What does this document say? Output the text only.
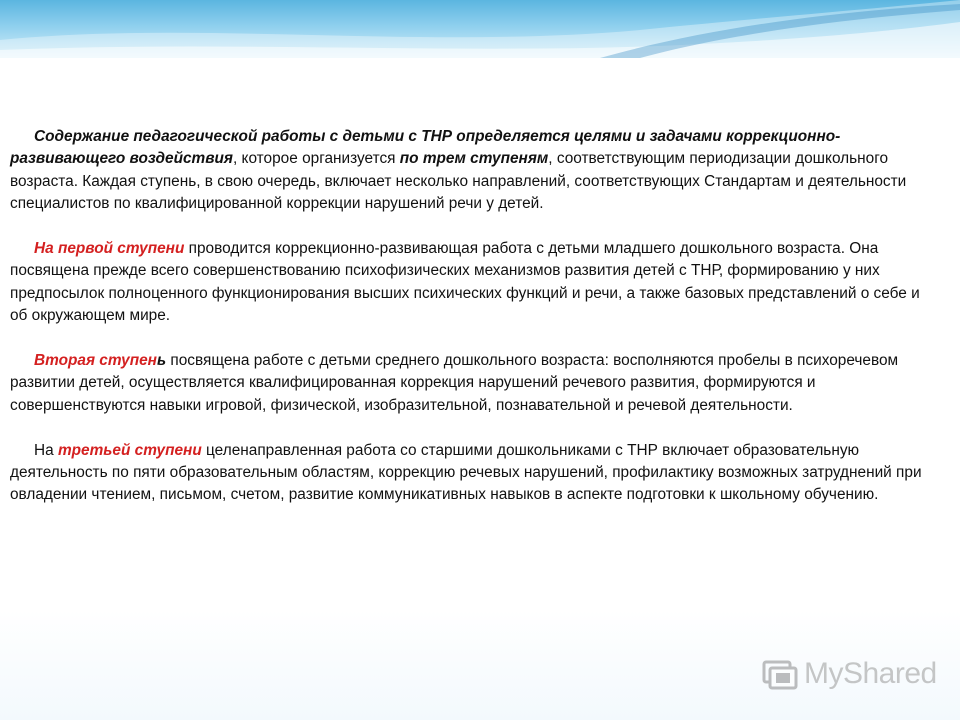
Содержание педагогической работы с детьми с ТНР определяется целями и задачами коррекционно-развивающего воздействия, которое организуется по трем ступеням, соответствующим периодизации дошкольного возраста. Каждая ступень, в свою очередь, включает несколько направлений, соответствующих Стандартам и деятельности специалистов по квалифицированной коррекции нарушений речи у детей.

На первой ступени проводится коррекционно-развивающая работа с детьми младшего дошкольного возраста. Она посвящена прежде всего совершенствованию психофизических механизмов развития детей с ТНР, формированию у них предпосылок полноценного функционирования высших психических функций и речи, а также базовых представлений о себе и об окружающем мире.

Вторая ступень посвящена работе с детьми среднего дошкольного возраста: восполняются пробелы в психоречевом развитии детей, осуществляется квалифицированная коррекция нарушений речевого развития, формируются и совершенствуются навыки игровой, физической, изобразительной, познавательной и речевой деятельности.

На третьей ступени целенаправленная работа со старшими дошкольниками с ТНР включает образовательную деятельность по пяти образовательным областям, коррекцию речевых нарушений, профилактику возможных затруднений при овладении чтением, письмом, счетом, развитие коммуникативных навыков в аспекте подготовки к школьному обучению.

MyShared
